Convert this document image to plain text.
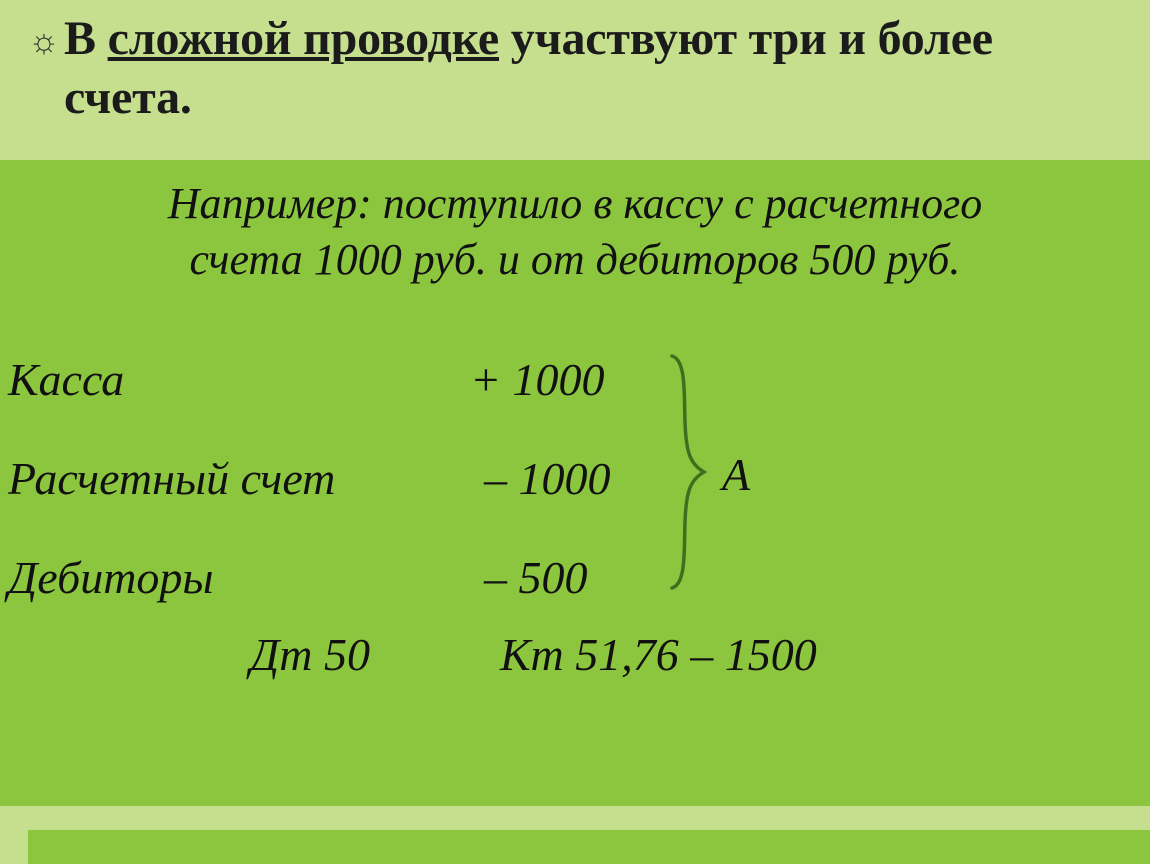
☼ В сложной проводке участвуют три и более счета.
Например: поступило в кассу с расчетного
счета 1000 руб. и от дебиторов 500 руб.
Касса	+ 1000
Расчетный счет	– 1000
Дебиторы	– 500
А
Дт 50	Кт 51,76 – 1500
